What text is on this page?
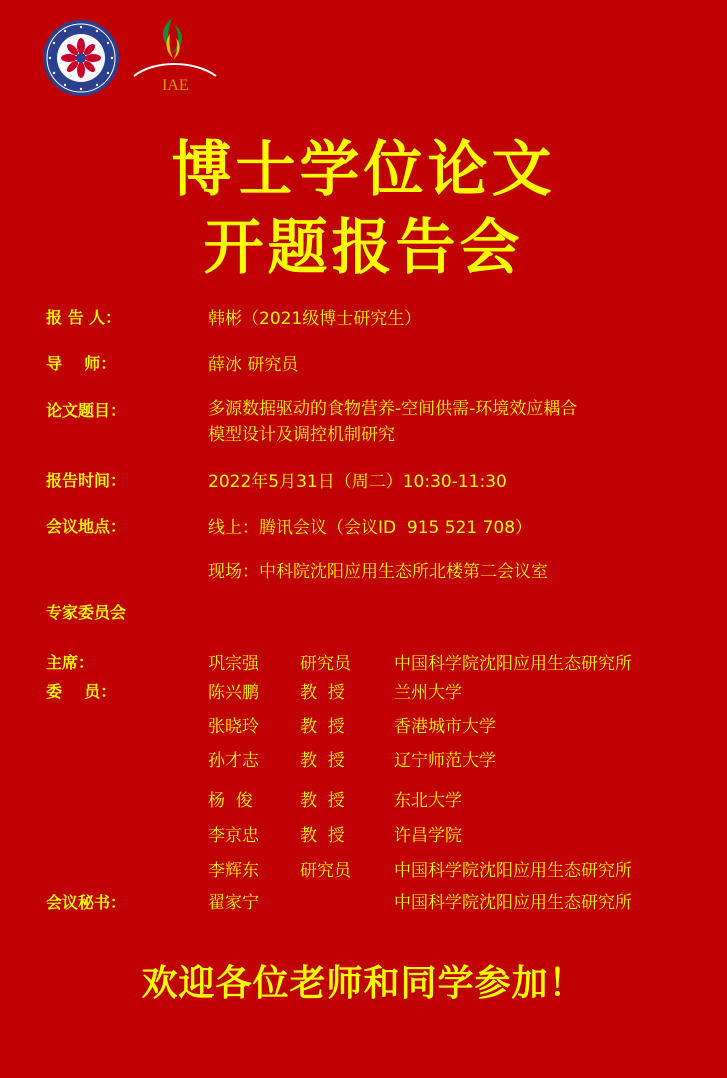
IAE
博士学位论文
开题报告会
报 告 人：	韩彬（2021级博士研究生）
导    师：	薛冰 研究员
论文题目：	多源数据驱动的食物营养-空间供需-环境效应耦合
模型设计及调控机制研究
报告时间：	2022年5月31日（周二）10:30-11:30
会议地点：	线上：腾讯会议（会议ID  915 521 708）
现场：中科院沈阳应用生态所北楼第二会议室
专家委员会
主席：	巩宗强 研究员	中国科学院沈阳应用生态研究所
委    员：	陈兴鹏 教  授	兰州大学
张晓玲 教  授	香港城市大学
孙才志 教  授	辽宁师范大学
杨  俊	教  授	东北大学
李京忠 教  授	许昌学院
李辉东 研究员	中国科学院沈阳应用生态研究所
会议秘书：	翟家宁	中国科学院沈阳应用生态研究所
欢迎各位老师和同学参加！
